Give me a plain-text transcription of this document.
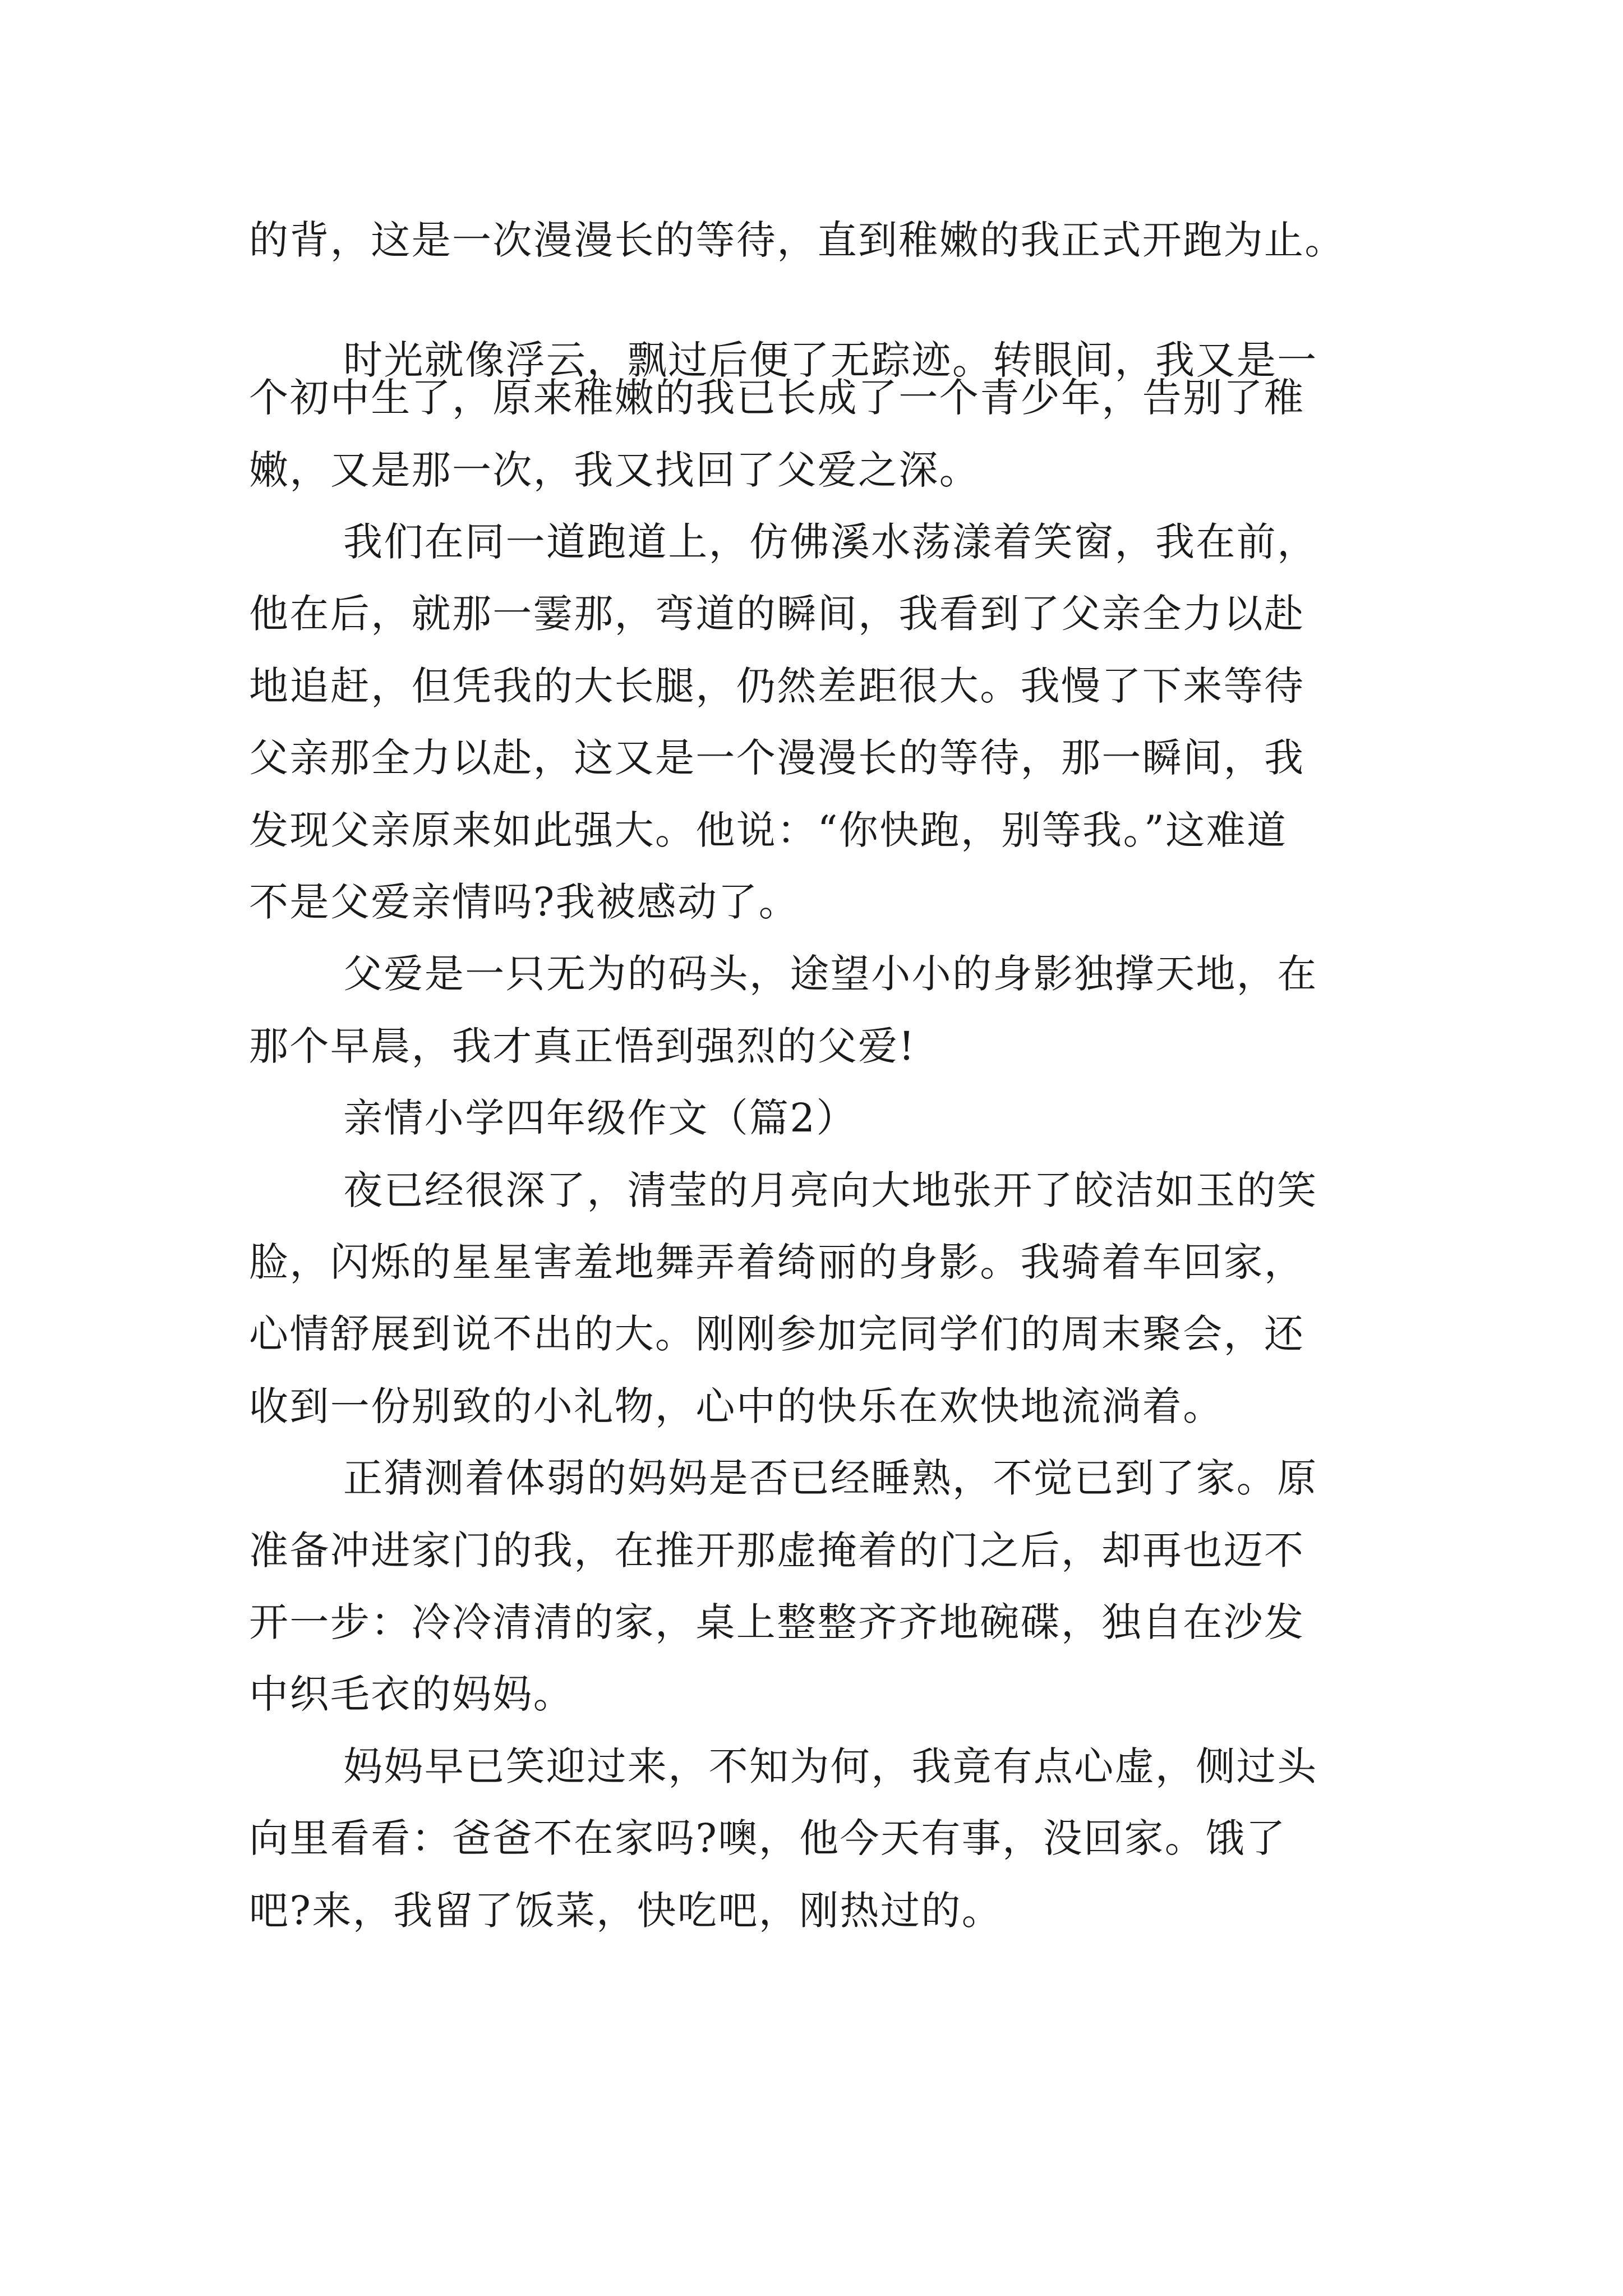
的背，这是一次漫漫长的等待，直到稚嫩的我正式开跑为止。

时光就像浮云，飘过后便了无踪迹。转眼间，我又是一

个初中生了，原来稚嫩的我已长成了一个青少年，告别了稚

嫩，又是那一次，我又找回了父爱之深。

我们在同一道跑道上，仿佛溪水荡漾着笑窗，我在前，

他在后，就那一霎那，弯道的瞬间，我看到了父亲全力以赴

地追赶，但凭我的大长腿，仍然差距很大。我慢了下来等待

父亲那全力以赴，这又是一个漫漫长的等待，那一瞬间，我

发现父亲原来如此强大。他说：“你快跑，别等我。”这难道

不是父爱亲情吗?我被感动了。

父爱是一只无为的码头，途望小小的身影独撑天地，在

那个早晨，我才真正悟到强烈的父爱!

亲情小学四年级作文（篇2）

夜已经很深了，清莹的月亮向大地张开了皎洁如玉的笑

脸，闪烁的星星害羞地舞弄着绮丽的身影。我骑着车回家，

心情舒展到说不出的大。刚刚参加完同学们的周末聚会，还

收到一份别致的小礼物，心中的快乐在欢快地流淌着。

正猜测着体弱的妈妈是否已经睡熟，不觉已到了家。原

准备冲进家门的我，在推开那虚掩着的门之后，却再也迈不

开一步：冷冷清清的家，桌上整整齐齐地碗碟，独自在沙发

中织毛衣的妈妈。

妈妈早已笑迎过来，不知为何，我竟有点心虚，侧过头

向里看看：爸爸不在家吗?噢，他今天有事，没回家。饿了

吧?来，我留了饭菜，快吃吧，刚热过的。
